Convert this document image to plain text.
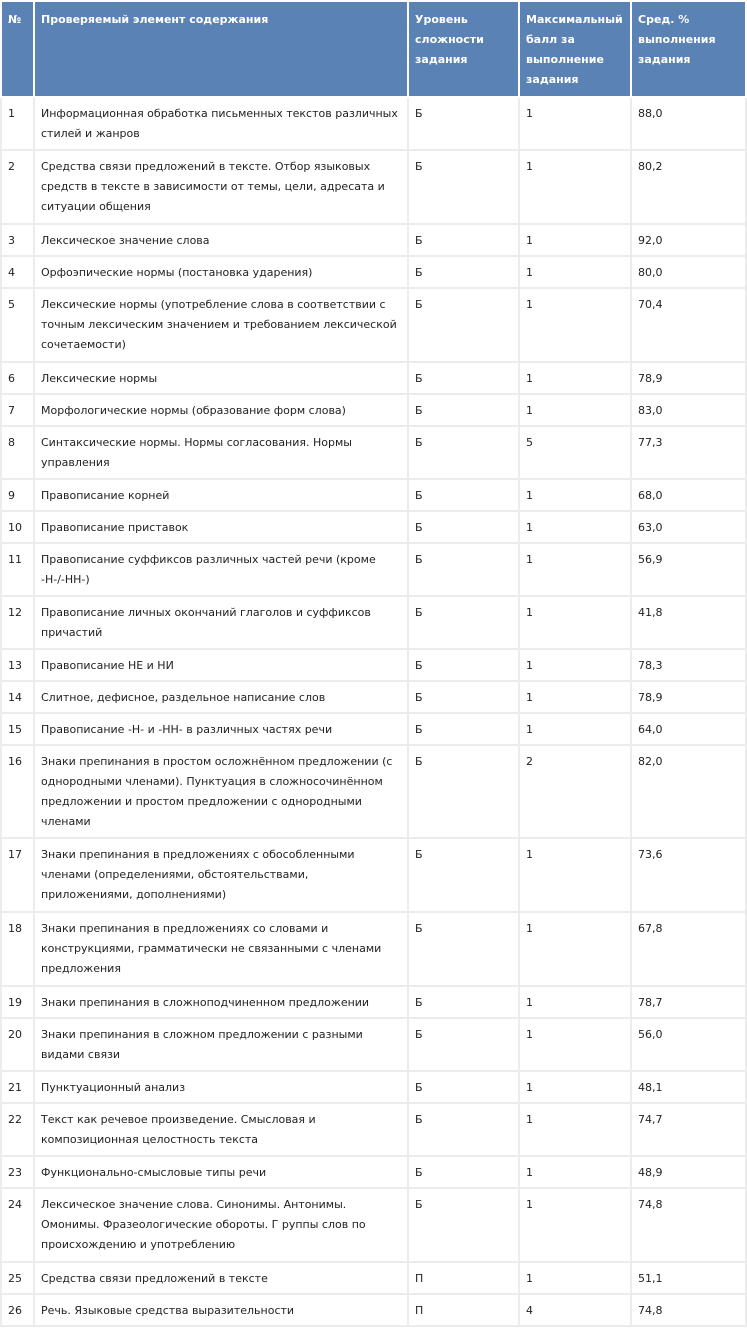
№	Проверяемый элемент содержания	Уровень сложности задания	Максимальный балл за выполнение задания	Сред. % выполнения задания
1	Информационная обработка письменных текстов различных стилей и жанров	Б	1	88,0
2	Средства связи предложений в тексте. Отбор языковых средств в тексте в зависимости от темы, цели, адресата и ситуации общения	Б	1	80,2
3	Лексическое значение слова	Б	1	92,0
4	Орфоэпические нормы (постановка ударения)	Б	1	80,0
5	Лексические нормы (употребление слова в соответствии с точным лексическим значением и требованием лексической сочетаемости)	Б	1	70,4
6	Лексические нормы	Б	1	78,9
7	Морфологические нормы (образование форм слова)	Б	1	83,0
8	Синтаксические нормы. Нормы согласования. Нормы управления	Б	5	77,3
9	Правописание корней	Б	1	68,0
10	Правописание приставок	Б	1	63,0
11	Правописание суффиксов различных частей речи (кроме -Н-/-НН-)	Б	1	56,9
12	Правописание личных окончаний глаголов и суффиксов причастий	Б	1	41,8
13	Правописание НЕ и НИ	Б	1	78,3
14	Слитное, дефисное, раздельное написание слов	Б	1	78,9
15	Правописание -Н- и -НН- в различных частях речи	Б	1	64,0
16	Знаки препинания в простом осложнённом предложении (с однородными членами). Пунктуация в сложносочинённом предложении и простом предложении с однородными членами	Б	2	82,0
17	Знаки препинания в предложениях с обособленными членами (определениями, обстоятельствами, приложениями, дополнениями)	Б	1	73,6
18	Знаки препинания в предложениях со словами и конструкциями, грамматически не связанными с членами предложения	Б	1	67,8
19	Знаки препинания в сложноподчиненном предложении	Б	1	78,7
20	Знаки препинания в сложном предложении с разными видами связи	Б	1	56,0
21	Пунктуационный анализ	Б	1	48,1
22	Текст как речевое произведение. Смысловая и композиционная целостность текста	Б	1	74,7
23	Функционально-смысловые типы речи	Б	1	48,9
24	Лексическое значение слова. Синонимы. Антонимы. Омонимы. Фразеологические обороты. Г руппы слов по происхождению и употреблению	Б	1	74,8
25	Средства связи предложений в тексте	П	1	51,1
26	Речь. Языковые средства выразительности	П	4	74,8
